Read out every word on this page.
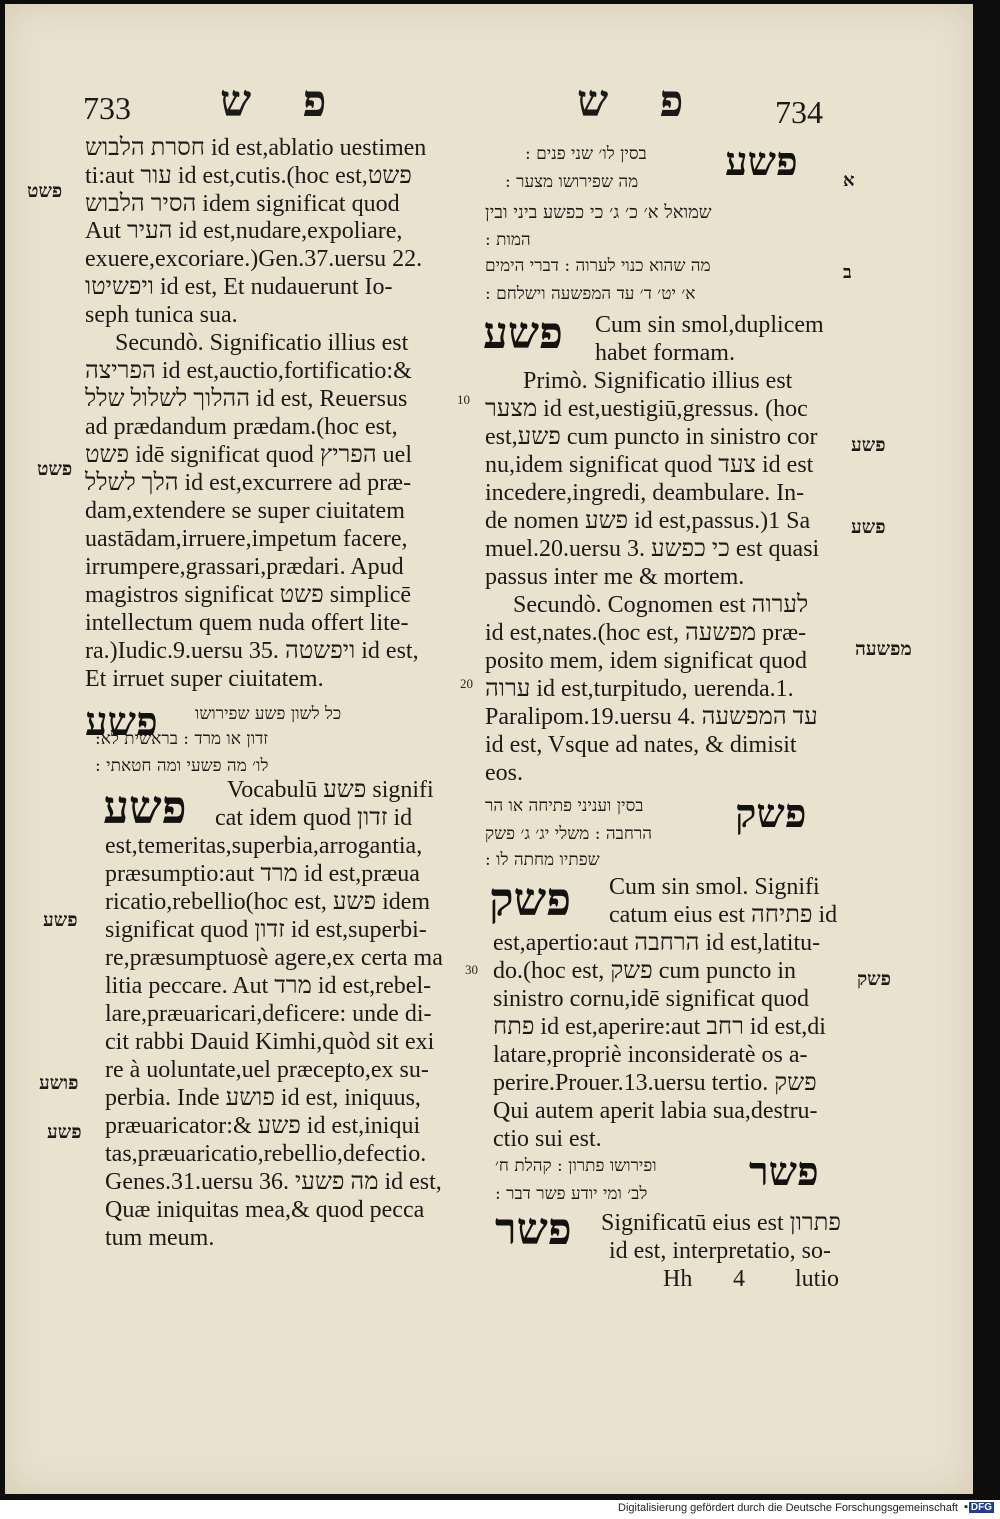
733 פ ש	פ ש 734
חסרת הלבוש id est,ablatio uestimen
ti:aut עור id est,cutis.(hoc est,פשט
הסיר הלבוש idem significat quod
Aut העיר id est,nudare,expoliare,
exuere,excoriare.)Gen.37.uersu 22.
ויפשיטו id est, Et nudauerunt Io-
seph tunica sua.
Secundò. Significatio illius est
הפריצה id est,auctio,fortificatio:&
ההלוך לשלול שלל id est, Reuersus
ad prædandum prædam.(hoc est,
פשט idē significat quod הפריץ uel
הלך לשלל id est,excurrere ad præ-
dam,extendere se super ciuitatem
uastādam,irruere,impetum facere,
irrumpere,grassari,prædari. Apud
magistros significat פשט simplicē
intellectum quem nuda offert lite-
ra.)Iudic.9.uersu 35. ויפשטה id est,
Et irruet super ciuitatem.
פשע כל לשון פשע שפירושו
זדון או מרד : בראשית לא:
לו׳ מה פשעי ומה חטאתי :
פשע Vocabulū פשע signifi
cat idem quod זדון id
est,temeritas,superbia,arrogantia,
præsumptio:aut מרד id est,præua
ricatio,rebellio(hoc est, פשע idem
significat quod זדון id est,superbi-
re,præsumptuosè agere,ex certa ma
litia peccare. Aut מרד id est,rebel-
lare,præuaricari,deficere: unde di-
cit rabbi Dauid Kimhi,quòd sit exi
re à uoluntate,uel præcepto,ex su-
perbia. Inde פושע id est, iniquus,
præuaricator:& פשע id est,iniqui
tas,præuaricatio,rebellio,defectio.
Genes.31.uersu 36. מה פשעי id est,
Quæ iniquitas mea,& quod pecca
tum meum.
פשט
פשט
פשע
פושע
פשע
10
20
30
פשע
בסין לו׳ שני פנים :
מה שפירושו מצער :
שמואל א׳ כ׳ ג׳ כי כפשע ביני ובין
המות :
מה שהוא כנוי לערוה : דברי הימים
א׳ יט׳ ד׳ עד המפשעה וישלחם :
פשע Cum sin smol,duplicem
habet formam.
Primò. Significatio illius est
מצער id est,uestigiū,gressus. (hoc
est,פשע cum puncto in sinistro cor
nu,idem significat quod צעד id est
incedere,ingredi, deambulare. In-
de nomen פשע id est,passus.)1 Sa
muel.20.uersu 3. כי כפשע est quasi
passus inter me & mortem.
Secundò. Cognomen est לערוה
id est,nates.(hoc est, מפשעה præ-
posito mem, idem significat quod
ערוה id est,turpitudo, uerenda.1.
Paralipom.19.uersu 4. עד המפשעה
id est, Vsque ad nates, & dimisit
eos.
פשק
בסין ועניני פתיחה או הר
הרחבה : משלי יג׳ ג׳ פשק
שפתיו מחתה לו :
פשק Cum sin smol. Signifi
catum eius est פתיחה id
est,apertio:aut הרחבה id est,latitu-
do.(hoc est, פשק cum puncto in
sinistro cornu,idē significat quod
פתח id est,aperire:aut רחב id est,di
latare,propriè inconsideratè os a-
perire.Prouer.13.uersu tertio. פשק
Qui autem aperit labia sua,destru-
ctio sui est.
פשר
ופירושו פתרון : קהלת ח׳
לב׳ ומי יודע פשר דבר :
פשר Significatū eius est פתרון
id est, interpretatio, so-
Hh 4 lutio
א
ב
פשע
פשע
מפשעה
פשק
Digitalisierung gefördert durch die Deutsche Forschungsgemeinschaft ▪ DFG
